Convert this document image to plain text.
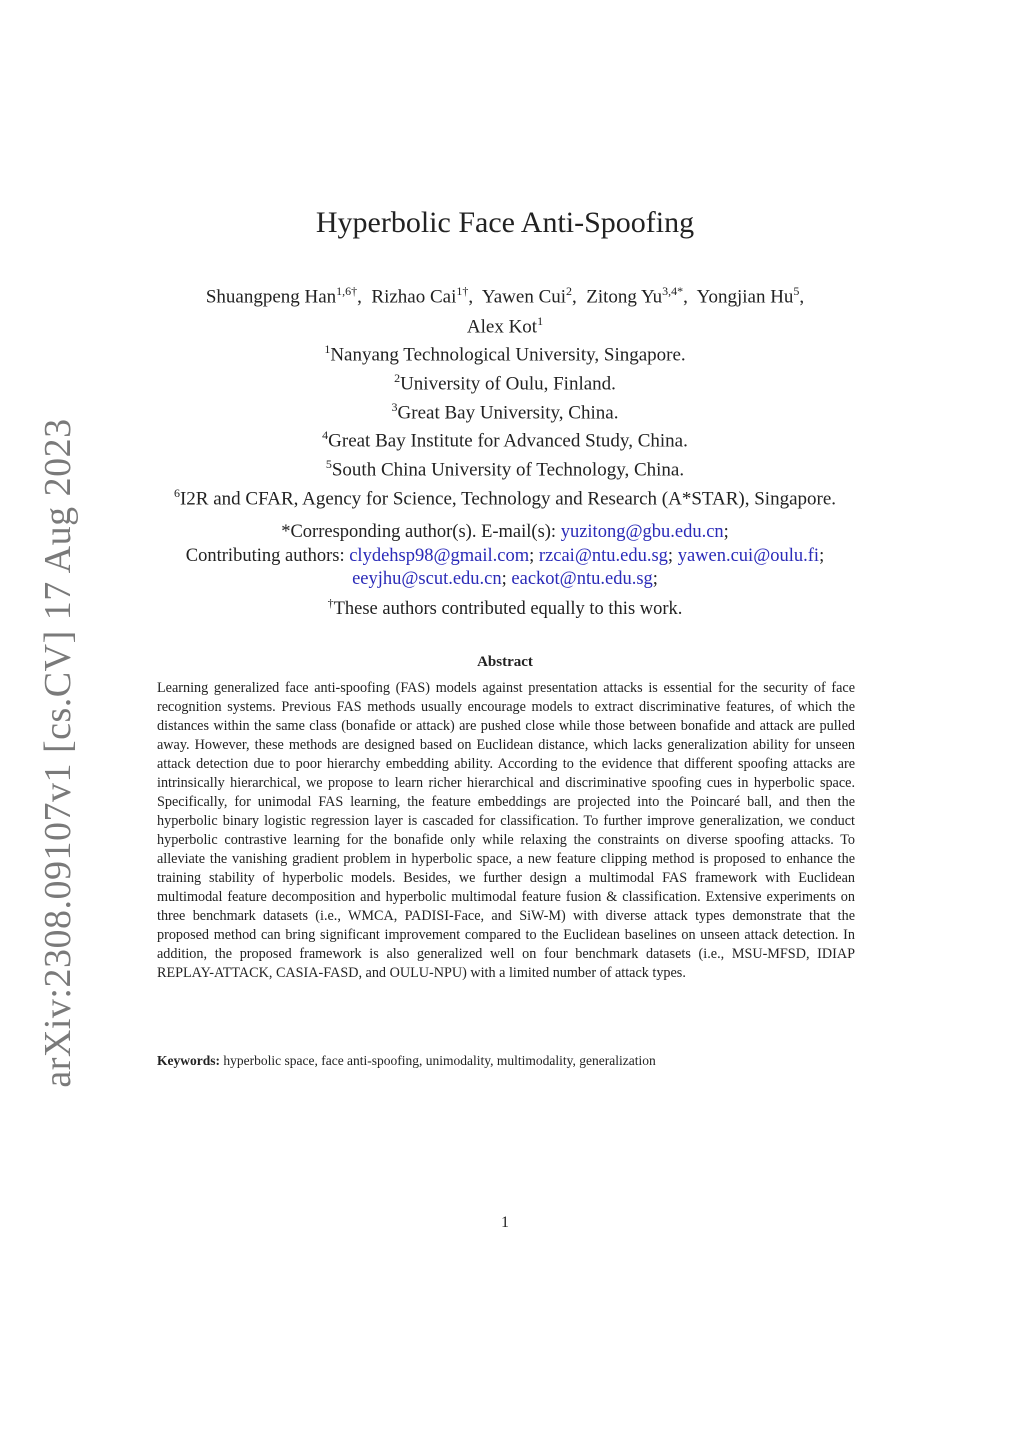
arXiv:2308.09107v1 [cs.CV] 17 Aug 2023
Hyperbolic Face Anti-Spoofing
Shuangpeng Han$^{1,6\dagger}$,  Rizhao Cai$^{1\dagger}$,  Yawen Cui$^2$,  Zitong $Yu^{3,4*}$,  Yongjian Hu$^5$,
Alex Kot$^1$
$^1$Nanyang Technological University, Singapore.
$^2$University of Oulu, Finland.
$^3$Great Bay University, China.
$^4$Great Bay Institute for Advanced Study, China.
$^5$South China University of Technology, China.
$^6$I2R and CFAR, Agency for Science, Technology and Research (A*STAR), Singapore.
*Corresponding author(s). E-mail(s): yuzitong@gbu.edu.cn;
Contributing authors: clydehsp98@gmail.com; rzcai@ntu.edu.sg; yawen.cui@oulu.fi;
eeyjhu@scut.edu.cn; eackot@ntu.edu.sg;
†These authors contributed equally to this work.
Abstract
Learning generalized face anti-spoofing (FAS) models against presentation attacks is essential for the security of face recognition systems. Previous FAS methods usually encourage models to extract discriminative features, of which the distances within the same class (bonafide or attack) are pushed close while those between bonafide and attack are pulled away. However, these methods are designed based on Euclidean distance, which lacks generalization ability for unseen attack detection due to poor hierarchy embedding ability. According to the evidence that different spoofing attacks are intrinsically hierarchical, we propose to learn richer hierarchical and discriminative spoofing cues in hyperbolic space. Specifically, for unimodal FAS learning, the feature embeddings are projected into the Poincaré ball, and then the hyperbolic binary logistic regression layer is cascaded for classification. To further improve generalization, we conduct hyperbolic contrastive learning for the bonafide only while relaxing the constraints on diverse spoofing attacks. To alleviate the vanishing gradient problem in hyperbolic space, a new feature clipping method is proposed to enhance the training stability of hyperbolic models. Besides, we further design a multimodal FAS framework with Euclidean multimodal feature decomposition and hyperbolic multimodal feature fusion & classification. Extensive experiments on three benchmark datasets (i.e., WMCA, PADISI-Face, and SiW-M) with diverse attack types demonstrate that the proposed method can bring significant improvement compared to the Euclidean baselines on unseen attack detection. In addition, the proposed framework is also generalized well on four benchmark datasets (i.e., MSU-MFSD, IDIAP REPLAY-ATTACK, CASIA-FASD, and OULU-NPU) with a limited number of attack types.
Keywords: hyperbolic space, face anti-spoofing, unimodality, multimodality, generalization
1
